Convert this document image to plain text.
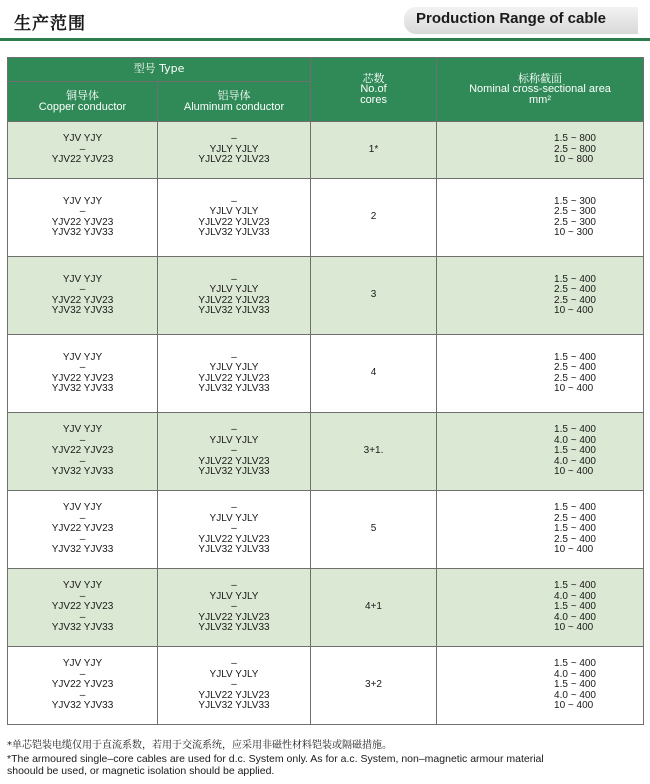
生产范围	Production Range of cable
型号 Type		芯数
No.of
cores	标称截面
Nominal cross-sectional area
mm²

铜导体
Copper conductor	铝导体
Aluminum conductor		

YJV YJY
–
YJV22 YJV23	–
YJLY YJLY
YJLV22 YJLV23	1*	1.5 ~ 800
2.5 ~ 800
10 ~ 800

YJV YJY
–
YJV22 YJV23
YJV32 YJV33	–
YJLV YJLY
YJLV22 YJLV23
YJLV32 YJLV33	2	1.5 ~ 300
2.5 ~ 300
2.5 ~ 300
10 ~ 300

YJV YJY
–
YJV22 YJV23
YJV32 YJV33	–
YJLV YJLY
YJLV22 YJLV23
YJLV32 YJLV33	3	1.5 ~ 400
2.5 ~ 400
2.5 ~ 400
10 ~ 400

YJV YJY
–
YJV22 YJV23
YJV32 YJV33	–
YJLV YJLY
YJLV22 YJLV23
YJLV32 YJLV33	4	1.5 ~ 400
2.5 ~ 400
2.5 ~ 400
10 ~ 400

YJV YJY
–
YJV22 YJV23
–
YJV32 YJV33	–
YJLV YJLY
–
YJLV22 YJLV23
YJLV32 YJLV33	3+1.	1.5 ~ 400
4.0 ~ 400
1.5 ~ 400
4.0 ~ 400
10 ~ 400

YJV YJY
–
YJV22 YJV23
–
YJV32 YJV33	–
YJLV YJLY
–
YJLV22 YJLV23
YJLV32 YJLV33	5	1.5 ~ 400
2.5 ~ 400
1.5 ~ 400
2.5 ~ 400
10 ~ 400

YJV YJY
–
YJV22 YJV23
–
YJV32 YJV33	–
YJLV YJLY
–
YJLV22 YJLV23
YJLV32 YJLV33	4+1	1.5 ~ 400
4.0 ~ 400
1.5 ~ 400
4.0 ~ 400
10 ~ 400

YJV YJY
–
YJV22 YJV23
–
YJV32 YJV33	–
YJLV YJLY
–
YJLV22 YJLV23
YJLV32 YJLV33	3+2	1.5 ~ 400
4.0 ~ 400
1.5 ~ 400
4.0 ~ 400
10 ~ 400
*单芯铠装电缆仅用于直流系数，若用于交流系统，应采用非磁性材料铠装或隔磁措施。
*The armoured single–core cables are used for d.c. System only. As for a.c. System, non–magnetic armour material
shoould be used, or magnetic isolation should be applied.
